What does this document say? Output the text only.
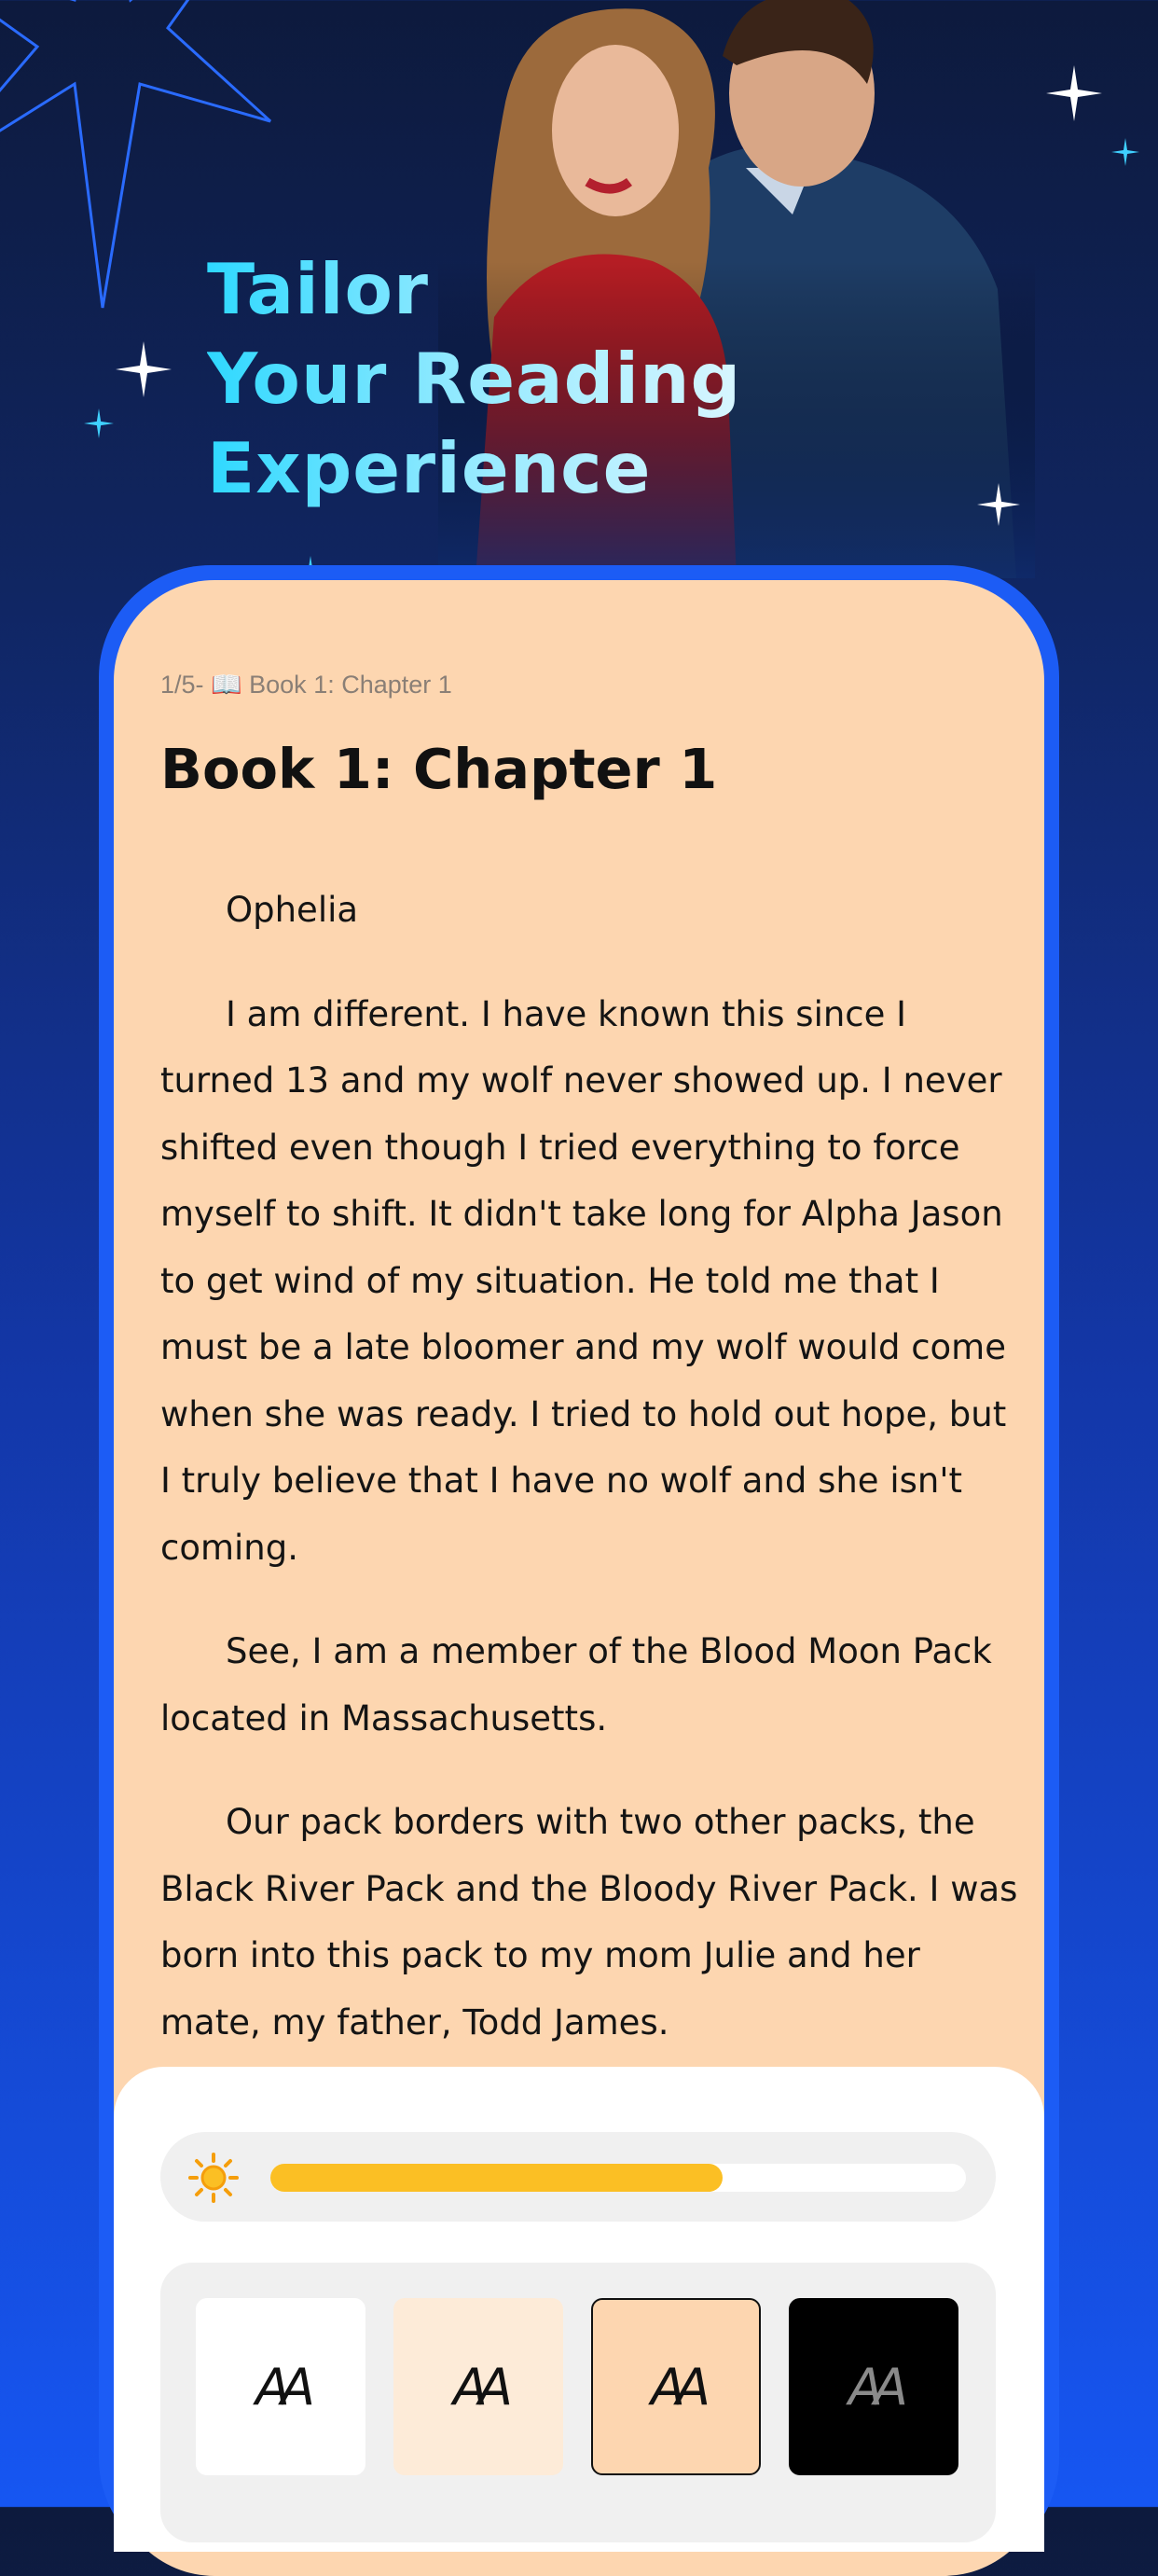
Tailor
Your Reading
Experience
1/5- 📖 Book 1: Chapter 1
Book 1: Chapter 1

Ophelia

I am different. I have known this since I turned 13 and my wolf never showed up. I never shifted even though I tried everything to force myself to shift. It didn't take long for Alpha Jason to get wind of my situation. He told me that I must be a late bloomer and my wolf would come when she was ready. I tried to hold out hope, but I truly believe that I have no wolf and she isn't coming.

See, I am a member of the Blood Moon Pack located in Massachusetts.

Our pack borders with two other packs, the Black River Pack and the Bloody River Pack. I was born into this pack to my mom Julie and her mate, my father, Todd James.

AA	AA	AA	AA
